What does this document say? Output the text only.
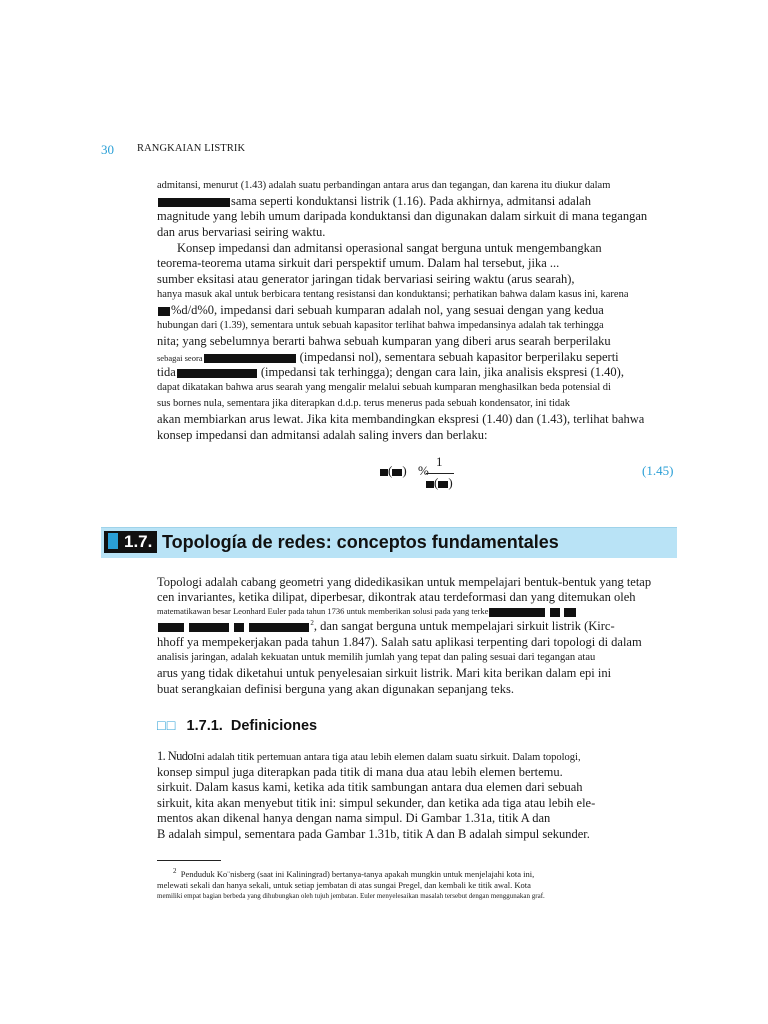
30 RANGKAIAN LISTRIK
admitansi, menurut (1.43) adalah suatu perbandingan antara arus dan tegangan, dan karena itu diukur dalam
sama seperti konduktansi listrik (1.16). Pada akhirnya, admitansi adalah
magnitude yang lebih umum daripada konduktansi dan digunakan dalam sirkuit di mana tegangan
dan arus bervariasi seiring waktu.
Konsep impedansi dan admitansi operasional sangat berguna untuk mengembangkan
teorema-teorema utama sirkuit dari perspektif umum. Dalam hal tersebut, jika ...
sumber eksitasi atau generator jaringan tidak bervariasi seiring waktu (arus searah),
hanya masuk akal untuk berbicara tentang resistansi dan konduktansi; perhatikan bahwa dalam kasus ini, karena
%d/d%0, impedansi dari sebuah kumparan adalah nol, yang sesuai dengan yang kedua
hubungan dari (1.39), sementara untuk sebuah kapasitor terlihat bahwa impedansinya adalah tak terhingga
nita; yang sebelumnya berarti bahwa sebuah kumparan yang diberi arus searah berperilaku
sebagai seora	(impedansi nol), sementara sebuah kapasitor berperilaku seperti
tida	(impedansi tak terhingga); dengan cara lain, jika analisis ekspresi (1.40),
dapat dikatakan bahwa arus searah yang mengalir melalui sebuah kumparan menghasilkan beda potensial di
sus bornes nula, sementara jika diterapkan d.d.p. terus menerus pada sebuah kondensator, ini tidak
akan membiarkan arus lewat. Jika kita membandingkan ekspresi (1.40) dan (1.43), terlihat bahwa
konsep impedansi dan admitansi adalah saling invers dan berlaku:
( ) %
1
( )
(1.45)
1.7. Topología de redes: conceptos fundamentales
Topologi adalah cabang geometri yang didedikasikan untuk mempelajari bentuk-bentuk yang tetap
cen invariantes, ketika dilipat, diperbesar, dikontrak atau terdeformasi dan yang ditemukan oleh
matematikawan besar Leonhard Euler pada tahun 1736 untuk memberikan solusi pada yang terke
$^2$, dan sangat berguna untuk mempelajari sirkuit listrik (Kirc-
hhoff ya mempekerjakan pada tahun 1.847). Salah satu aplikasi terpenting dari topologi di dalam
analisis jaringan, adalah kekuatan untuk memilih jumlah yang tepat dan paling sesuai dari tegangan atau
arus yang tidak diketahui untuk penyelesaian sirkuit listrik. Mari kita berikan dalam epi ini
buat serangkaian definisi berguna yang akan digunakan sepanjang teks.
□□ 1.7.1. Definiciones
1. NudoIni adalah titik pertemuan antara tiga atau lebih elemen dalam suatu sirkuit. Dalam topologi,
konsep simpul juga diterapkan pada titik di mana dua atau lebih elemen bertemu.
sirkuit. Dalam kasus kami, ketika ada titik sambungan antara dua elemen dari sebuah
sirkuit, kita akan menyebut titik ini: simpul sekunder, dan ketika ada tiga atau lebih ele-
mentos akan dikenal hanya dengan nama simpul. Di Gambar 1.31a, titik A dan
B adalah simpul, sementara pada Gambar 1.31b, titik A dan B adalah simpul sekunder.
$^2$ Penduduk Ko¨nisberg (saat ini Kaliningrad) bertanya-tanya apakah mungkin untuk menjelajahi kota ini,
melewati sekali dan hanya sekali, untuk setiap jembatan di atas sungai Pregel, dan kembali ke titik awal. Kota
memiliki empat bagian berbeda yang dihubungkan oleh tujuh jembatan. Euler menyelesaikan masalah tersebut dengan menggunakan graf.
